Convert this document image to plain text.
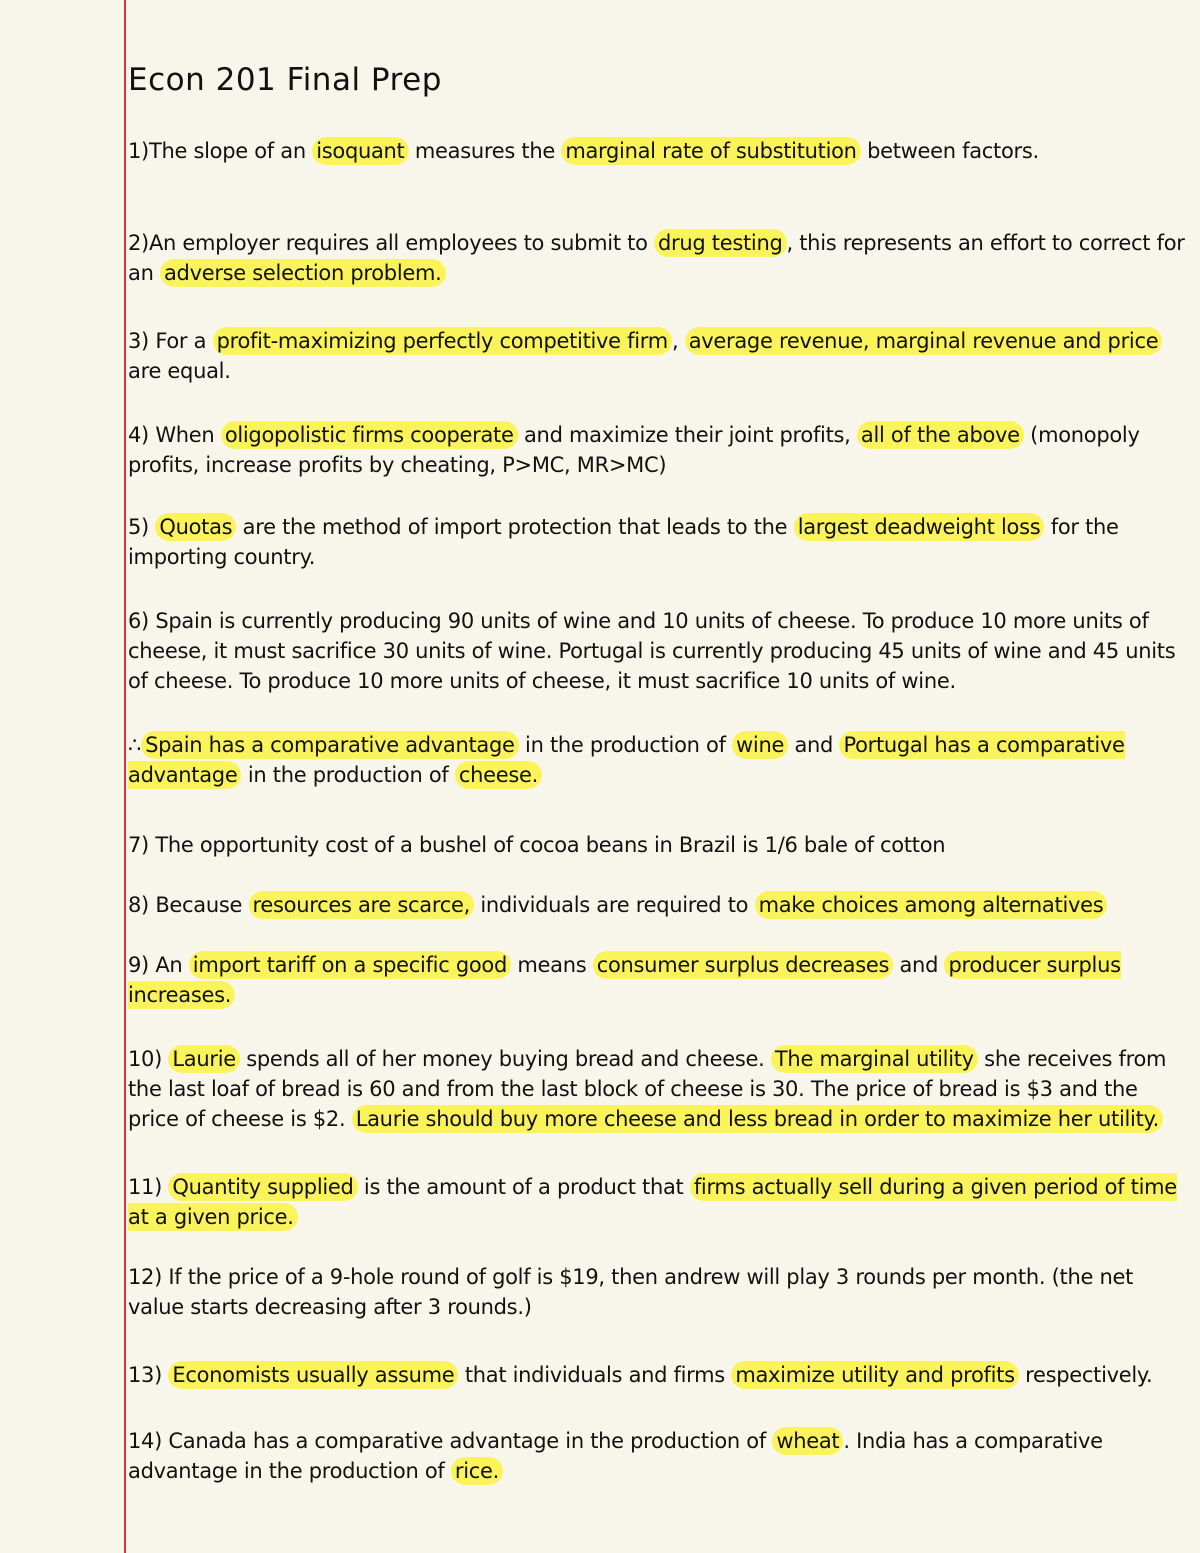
Econ 201 Final Prep
1)The slope of an isoquant measures the marginal rate of substitution between factors.
2)An employer requires all employees to submit to drug testing , this represents an effort to correct for an adverse selection problem.
3) For a profit-maximizing perfectly competitive firm , average revenue, marginal revenue and price are equal.
4) When oligopolistic firms cooperate and maximize their joint profits, all of the above (monopoly profits, increase profits by cheating, P>MC, MR>MC)
5) Quotas are the method of import protection that leads to the largest deadweight loss for the importing country.
6) Spain is currently producing 90 units of wine and 10 units of cheese. To produce 10 more units of cheese, it must sacrifice 30 units of wine. Portugal is currently producing 45 units of wine and 45 units of cheese. To produce 10 more units of cheese, it must sacrifice 10 units of wine.
∴ Spain has a comparative advantage in the production of wine and Portugal has a comparative advantage in the production of cheese.
7) The opportunity cost of a bushel of cocoa beans in Brazil is 1/6 bale of cotton
8) Because resources are scarce, individuals are required to make choices among alternatives
9) An import tariff on a specific good means consumer surplus decreases and producer surplus increases.
10) Laurie spends all of her money buying bread and cheese. The marginal utility she receives from the last loaf of bread is 60 and from the last block of cheese is 30. The price of bread is $3 and the price of cheese is $2. Laurie should buy more cheese and less bread in order to maximize her utility.
11) Quantity supplied is the amount of a product that firms actually sell during a given period of time at a given price.
12) If the price of a 9-hole round of golf is $19, then andrew will play 3 rounds per month. (the net value starts decreasing after 3 rounds.)
13) Economists usually assume that individuals and firms maximize utility and profits respectively.
14) Canada has a comparative advantage in the production of wheat . India has a comparative advantage in the production of rice.
